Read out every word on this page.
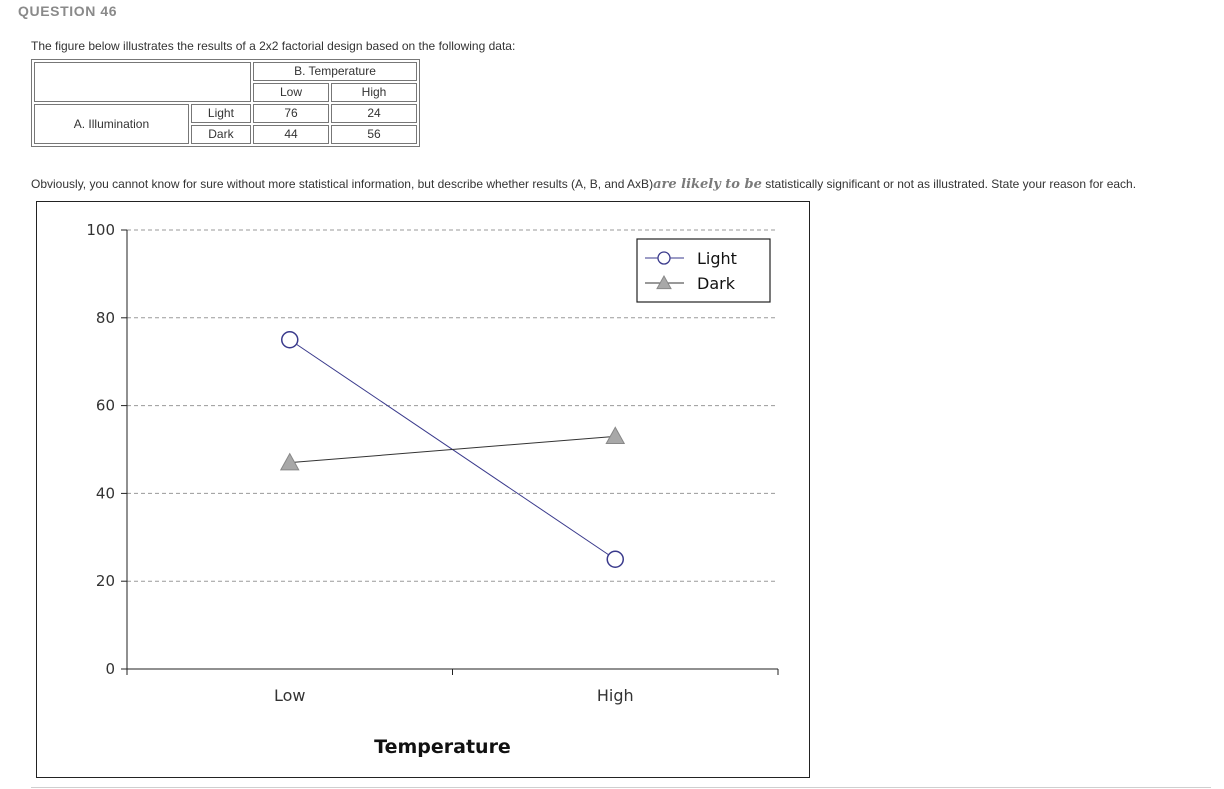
QUESTION 46
The figure below illustrates the results of a 2x2 factorial design based on the following data:
		B. Temperature	
		Low	High
A. Illumination	Light	76	24
	Dark	44	56
Obviously, you cannot know for sure without more statistical information, but describe whether results (A, B, and AxB)are likely to be statistically significant or not as illustrated. State your reason for each.
0
20
40
60
80
100
Low	High
Temperature
Light
Dark
